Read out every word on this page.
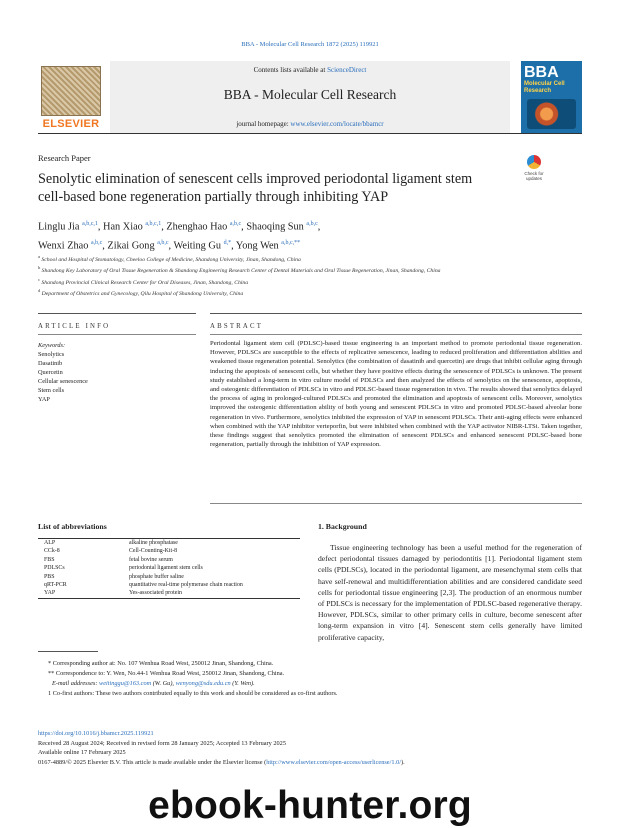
BBA - Molecular Cell Research 1872 (2025) 119921
ELSEVIER
Contents lists available at ScienceDirect
BBA - Molecular Cell Research
journal homepage: www.elsevier.com/locate/bbamcr
BBA
Molecular Cell Research
Research Paper
Senolytic elimination of senescent cells improved periodontal ligament stem cell-based bone regeneration partially through inhibiting YAP
Check for updates
Linglu Jia $^{a,b,c,1}$, Han Xiao $^{a,b,c,1}$, Zhenghao Hao $^{a,b,c}$, Shaoqing Sun $^{a,b,c}$,
Wenxi Zhao $^{a,b,c}$, Zikai Gong $^{a,b,c}$, Weiting Gu $^{d,*}$, Yong Wen $^{a,b,c,**}$
$^a$ School and Hospital of Stomatology, Cheeloo College of Medicine, Shandong University, Jinan, Shandong, China
$^b$ Shandong Key Laboratory of Oral Tissue Regeneration & Shandong Engineering Research Center of Dental Materials and Oral Tissue Regeneration, Jinan, Shandong, China
$^c$ Shandong Provincial Clinical Research Center for Oral Diseases, Jinan, Shandong, China
$^d$ Department of Obstetrics and Gynecology, Qilu Hospital of Shandong University, China
ARTICLE INFO	ABSTRACT
Keywords:
Senolytics
Dasatinib
Quercetin
Cellular senescence
Stem cells
YAP
Periodontal ligament stem cell (PDLSC)-based tissue engineering is an important method to promote periodontal tissue regeneration. However, PDLSCs are susceptible to the effects of replicative senescence, leading to reduced proliferation and differentiation abilities and weakened tissue regeneration potential. Senolytics (the combination of dasatinib and quercetin) are drugs that inhibit cellular aging through inducing the apoptosis of senescent cells, but whether they have positive effects during the senescence of PDLSCs is unknown. The present study established a long-term in vitro culture model of PDLSCs and then analyzed the effects of senolytics on the senescence, apoptosis, and osteogenic differentiation of PDLSCs in vitro and PDLSC-based tissue regeneration in vivo. The results showed that senolytics delayed the process of aging in prolonged-cultured PDLSCs and promoted the elimination and apoptosis of senescent cells. Moreover, senolytics improved the osteogenic differentiation ability of both young and senescent PDLSCs in vitro and promoted PDLSC-based alveolar bone regeneration in vivo. Furthermore, senolytics inhibited the expression of YAP in senescent PDLSCs. Their anti-aging effects were enhanced when combined with the YAP inhibitor verteporfin, but were inhibited when combined with the YAP activator NIBR-LTSi. Taken together, these findings suggest that senolytics promoted the elimination of senescent PDLSCs and enhanced senescent PDLSC-based bone regeneration, partially through the inhibition of YAP expression.
List of abbreviations
ALP	alkaline phosphatase
CCk-8	Cell-Counting-Kit-8
FBS	fetal bovine serum
PDLSCs	periodontal ligament stem cells
PBS	phosphate buffer saline
qRT-PCR	quantitative real-time polymerase chain reaction
YAP	Yes-associated protein
1. Background
Tissue engineering technology has been a useful method for the regeneration of defect periodontal tissues damaged by periodontitis [1]. Periodontal ligament stem cells (PDLSCs), located in the periodontal ligament, are mesenchymal stem cells that have self-renewal and multidifferentiation abilities and are considered candidate seed cells for periodontal tissue engineering [2,3]. The production of an enormous number of PDLSCs is necessary for the implementation of PDLSC-based regenerative therapy. However, PDLSCs, similar to other primary cells in culture, become senescent after long-term expansion in vitro [4]. Senescent stem cells generally have limited proliferative capacity,
* Corresponding author at: No. 107 Wenhua Road West, 250012 Jinan, Shandong, China.
** Correspondence to: Y. Wen, No.44-1 Wenhua Road West, 250012 Jinan, Shandong, China.
E-mail addresses: weitinggu@163.com (W. Gu), wenyong@sdu.edu.cn (Y. Wen).
1 Co-first authors: These two authors contributed equally to this work and should be considered as co-first authors.
https://doi.org/10.1016/j.bbamcr.2025.119921
Received 28 August 2024; Received in revised form 28 January 2025; Accepted 13 February 2025
Available online 17 February 2025
0167-4889/© 2025 Elsevier B.V. This article is made available under the Elsevier license (http://www.elsevier.com/open-access/userlicense/1.0/).
ebook-hunter.org
